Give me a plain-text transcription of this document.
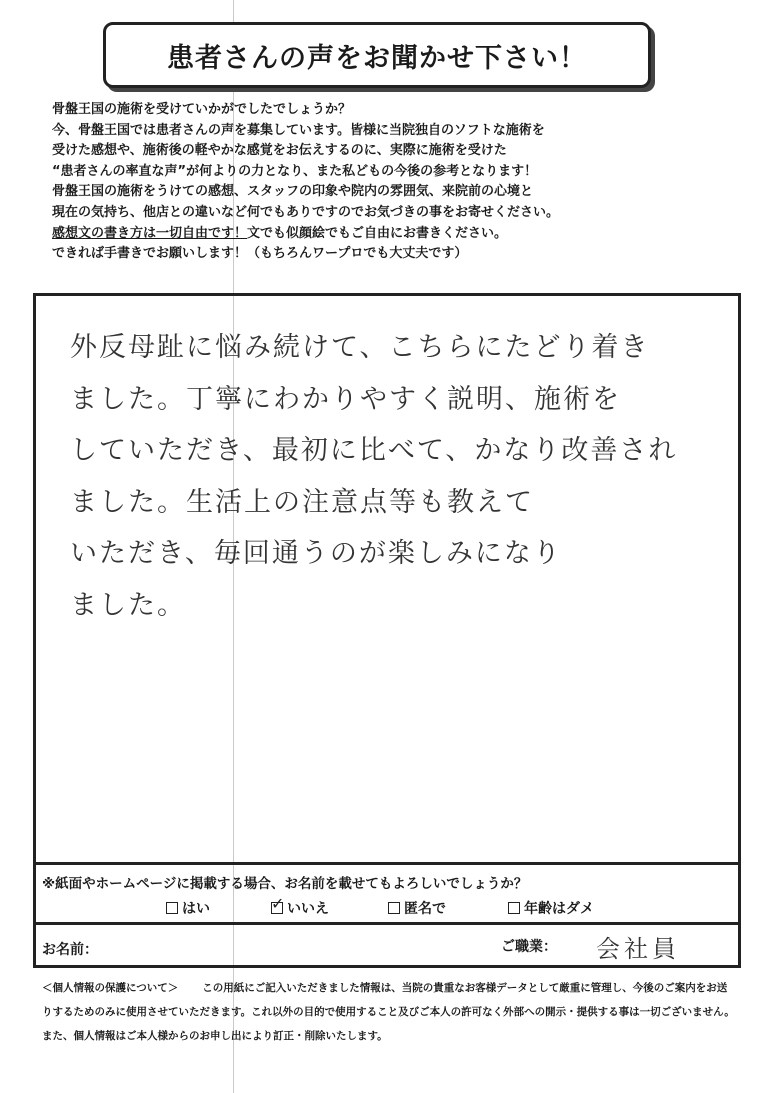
患者さんの声をお聞かせ下さい！
骨盤王国の施術を受けていかがでしたでしょうか？
今、骨盤王国では患者さんの声を募集しています。皆様に当院独自のソフトな施術を
受けた感想や、施術後の軽やかな感覚をお伝えするのに、実際に施術を受けた
“患者さんの率直な声”が何よりの力となり、また私どもの今後の参考となります！
骨盤王国の施術をうけての感想、スタッフの印象や院内の雰囲気、来院前の心境と
現在の気持ち、他店との違いなど何でもありですのでお気づきの事をお寄せください。
感想文の書き方は一切自由です！文でも似顔絵でもご自由にお書きください。
できれば手書きでお願いします！（もちろんワープロでも大丈夫です）
外反母趾に悩み続けて、こちらにたどり着き
ました。丁寧にわかりやすく説明、施術を
していただき、最初に比べて、かなり改善され
ました。生活上の注意点等も教えて
いただき、毎回通うのが楽しみになり
ました。
※紙面やホームページに掲載する場合、お名前を載せてもよろしいでしょうか？
はい	✓ いいえ	匿名で	年齢はダメ
お名前：	ご職業： 会社員
＜個人情報の保護について＞ この用紙にご記入いただきました情報は、当院の貴重なお客様データとして厳重に管理し、今後のご案内をお送
りするためのみに使用させていただきます。これ以外の目的で使用すること及びご本人の許可なく外部への開示・提供する事は一切ございません。
また、個人情報はご本人様からのお申し出により訂正・削除いたします。
